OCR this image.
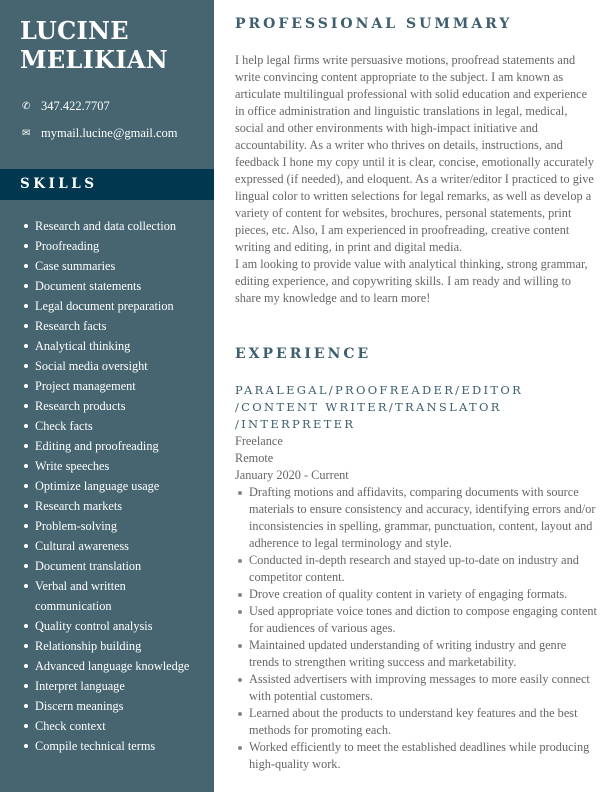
LUCINE
MELIKIAN
✆ 347.422.7707
✉ mymail.lucine@gmail.com
SKILLS
Research and data collection
Proofreading
Case summaries
Document statements
Legal document preparation
Research facts
Analytical thinking
Social media oversight
Project management
Research products
Check facts
Editing and proofreading
Write speeches
Optimize language usage
Research markets
Problem-solving
Cultural awareness
Document translation
Verbal and written communication
Quality control analysis
Relationship building
Advanced language knowledge
Interpret language
Discern meanings
Check context
Compile technical terms
PROFESSIONAL SUMMARY

I help legal firms write persuasive motions, proofread statements and write convincing content appropriate to the subject. I am known as articulate multilingual professional with solid education and experience in office administration and linguistic translations in legal, medical, social and other environments with high-impact initiative and accountability. As a writer who thrives on details, instructions, and feedback I hone my copy until it is clear, concise, emotionally accurately expressed (if needed), and eloquent. As a writer/editor I practiced to give lingual color to written selections for legal remarks, as well as develop a variety of content for websites, brochures, personal statements, print pieces, etc. Also, I am experienced in proofreading, creative content writing and editing, in print and digital media.

I am looking to provide value with analytical thinking, strong grammar, editing experience, and copywriting skills. I am ready and willing to share my knowledge and to learn more!

EXPERIENCE
PARALEGAL/PROOFREADER/EDITOR /CONTENT WRITER/TRANSLATOR /INTERPRETER

Freelance

Remote

January 2020 - Current

Drafting motions and affidavits, comparing documents with source materials to ensure consistency and accuracy, identifying errors and/or inconsistencies in spelling, grammar, punctuation, content, layout and adherence to legal terminology and style.
Conducted in-depth research and stayed up-to-date on industry and competitor content.
Drove creation of quality content in variety of engaging formats.
Used appropriate voice tones and diction to compose engaging content for audiences of various ages.
Maintained updated understanding of writing industry and genre trends to strengthen writing success and marketability.
Assisted advertisers with improving messages to more easily connect with potential customers.
Learned about the products to understand key features and the best methods for promoting each.
Worked efficiently to meet the established deadlines while producing high-quality work.
